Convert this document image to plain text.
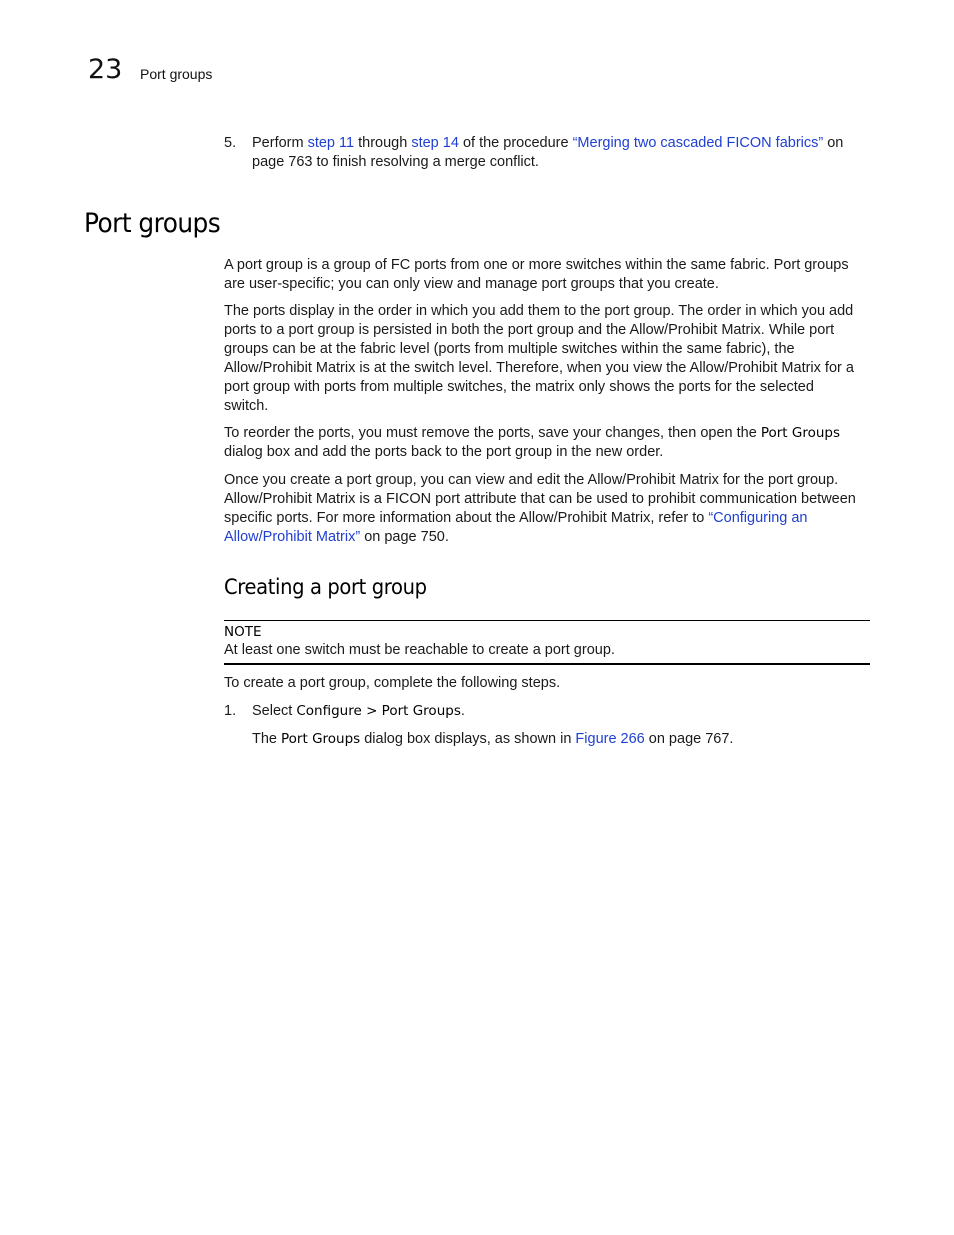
23 Port groups
5. Perform step 11 through step 14 of the procedure “Merging two cascaded FICON fabrics” on
page 763 to finish resolving a merge conflict.
Port groups
A port group is a group of FC ports from one or more switches within the same fabric. Port groups
are user-specific; you can only view and manage port groups that you create.
The ports display in the order in which you add them to the port group. The order in which you add
ports to a port group is persisted in both the port group and the Allow/Prohibit Matrix. While port
groups can be at the fabric level (ports from multiple switches within the same fabric), the
Allow/Prohibit Matrix is at the switch level. Therefore, when you view the Allow/Prohibit Matrix for a
port group with ports from multiple switches, the matrix only shows the ports for the selected
switch.
To reorder the ports, you must remove the ports, save your changes, then open the Port Groups
dialog box and add the ports back to the port group in the new order.
Once you create a port group, you can view and edit the Allow/Prohibit Matrix for the port group.
Allow/Prohibit Matrix is a FICON port attribute that can be used to prohibit communication between
specific ports. For more information about the Allow/Prohibit Matrix, refer to “Configuring an
Allow/Prohibit Matrix” on page 750.
Creating a port group
NOTE
At least one switch must be reachable to create a port group.
To create a port group, complete the following steps.
1. Select Configure > Port Groups.
The Port Groups dialog box displays, as shown in Figure 266 on page 767.
